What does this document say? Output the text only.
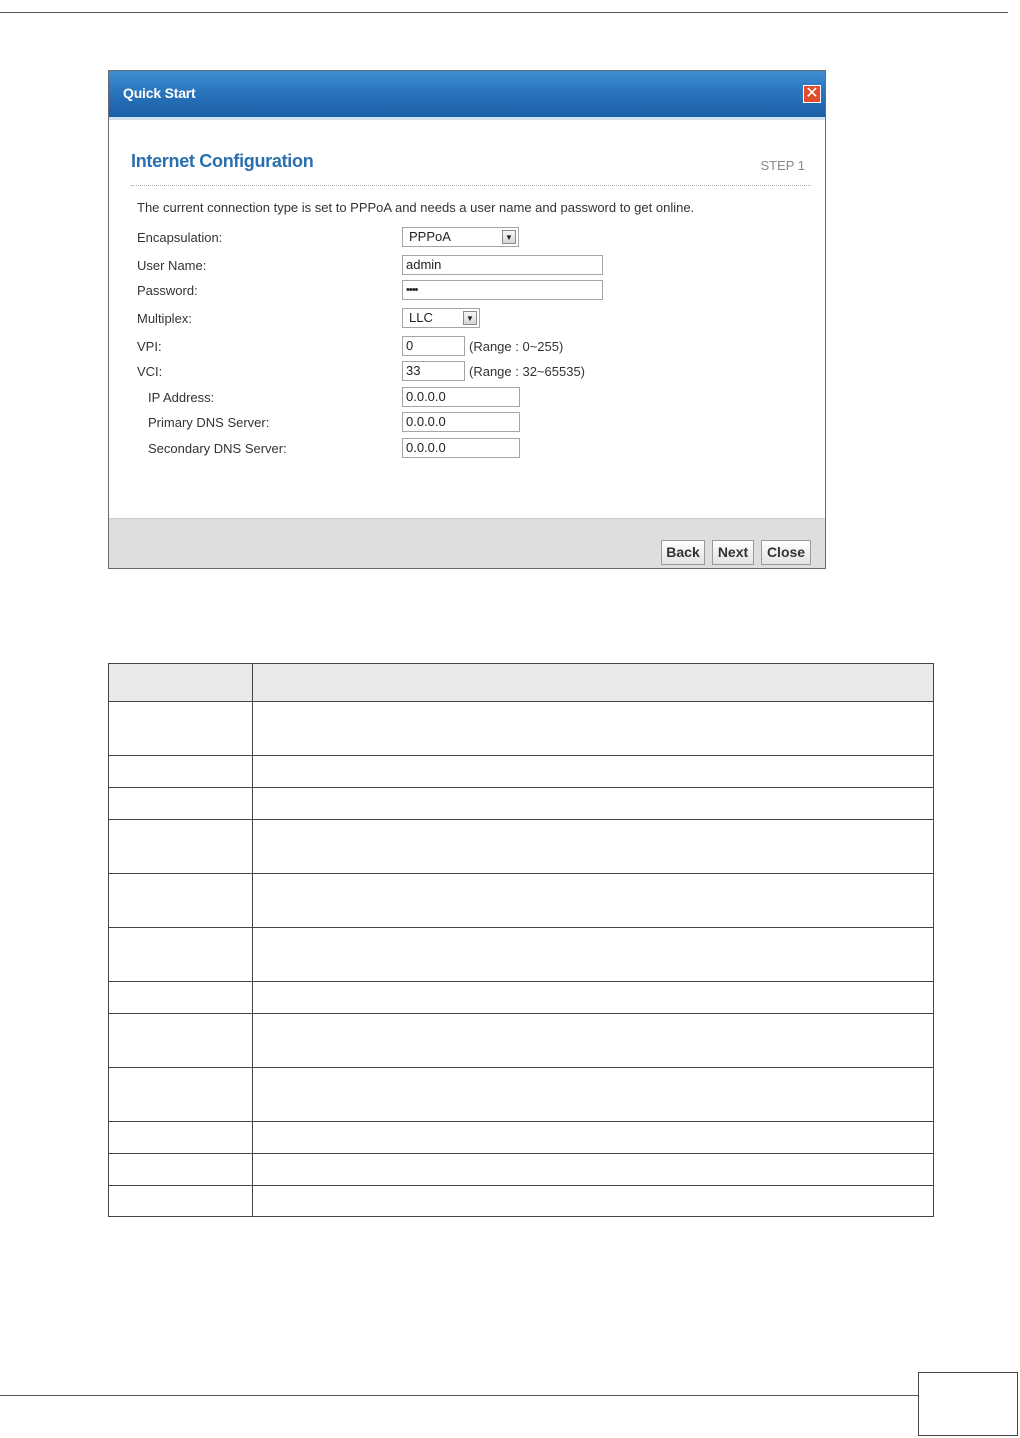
Quick Start	✕
Internet Configuration	STEP 1
The current connection type is set to PPPoA and needs a user name and password to get online.
Encapsulation:	PPPoA	▼
User Name:	admin
Password:	••••
Multiplex:	LLC	▼
VPI:	0	(Range : 0~255)
VCI:	33	(Range : 32~65535)
IP Address:	0.0.0.0
Primary DNS Server:	0.0.0.0
Secondary DNS Server:	0.0.0.0
Back	Next	Close
